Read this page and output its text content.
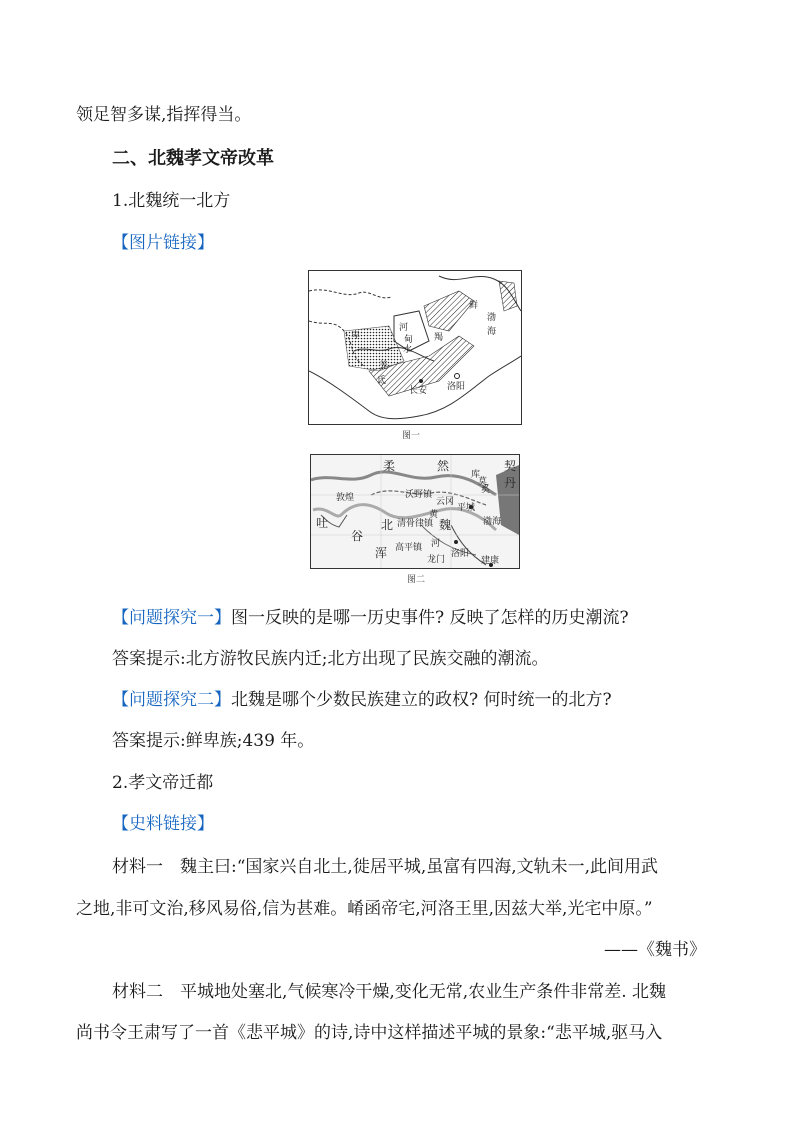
领足智多谋,指挥得当。
二、北魏孝文帝改革
1.北魏统一北方
【图片链接】
鲜
卑
河
甸
水
羯
渤
海
氐
羌
长安 洛阳
图一
柔	然	契
丹
库
莫
奚
敦煌	沃野镇
云冈
平城
吐
谷
浑
北	魏
黄
河
渤海
高平镇
清骨律镇
龙门
洛阳
建康
图二
【问题探究一】图一反映的是哪一历史事件? 反映了怎样的历史潮流?
答案提示:北方游牧民族内迁;北方出现了民族交融的潮流。
【问题探究二】北魏是哪个少数民族建立的政权? 何时统一的北方?
答案提示:鲜卑族;439 年。
2.孝文帝迁都
【史料链接】
材料一　魏主曰:“国家兴自北土,徙居平城,虽富有四海,文轨未一,此间用武
之地,非可文治,移风易俗,信为甚难。崤函帝宅,河洛王里,因兹大举,光宅中原。”
——《魏书》
材料二　平城地处塞北,气候寒冷干燥,变化无常,农业生产条件非常差. 北魏
尚书令王肃写了一首《悲平城》的诗,诗中这样描述平城的景象:“悲平城,驱马入
